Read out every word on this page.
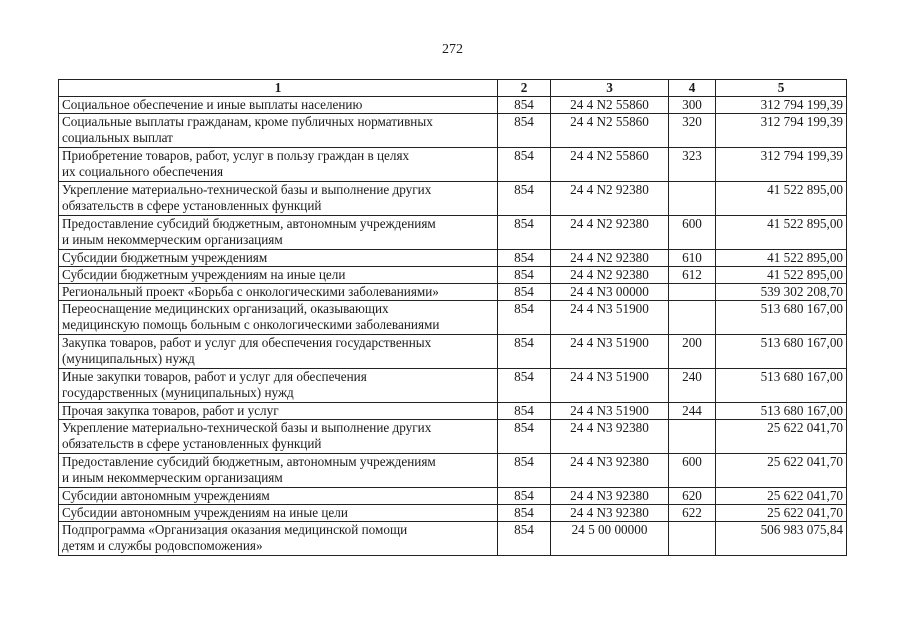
272
1	2	3	4	5
Социальное обеспечение и иные выплаты населению	854	24 4 N2 55860	300	312 794 199,39
Социальные выплаты гражданам, кроме публичных нормативных
социальных выплат	854	24 4 N2 55860	320	312 794 199,39
Приобретение товаров, работ, услуг в пользу граждан в целях
их социального обеспечения	854	24 4 N2 55860	323	312 794 199,39
Укрепление материально-технической базы и выполнение других
обязательств в сфере установленных функций	854	24 4 N2 92380		41 522 895,00
Предоставление субсидий бюджетным, автономным учреждениям
и иным некоммерческим организациям	854	24 4 N2 92380	600	41 522 895,00
Субсидии бюджетным учреждениям	854	24 4 N2 92380	610	41 522 895,00
Субсидии бюджетным учреждениям на иные цели	854	24 4 N2 92380	612	41 522 895,00
Региональный проект «Борьба с онкологическими заболеваниями»	854	24 4 N3 00000		539 302 208,70
Переоснащение медицинских организаций, оказывающих
медицинскую помощь больным с онкологическими заболеваниями	854	24 4 N3 51900		513 680 167,00
Закупка товаров, работ и услуг для обеспечения государственных
(муниципальных) нужд	854	24 4 N3 51900	200	513 680 167,00
Иные закупки товаров, работ и услуг для обеспечения
государственных (муниципальных) нужд	854	24 4 N3 51900	240	513 680 167,00
Прочая закупка товаров, работ и услуг	854	24 4 N3 51900	244	513 680 167,00
Укрепление материально-технической базы и выполнение других
обязательств в сфере установленных функций	854	24 4 N3 92380		25 622 041,70
Предоставление субсидий бюджетным, автономным учреждениям
и иным некоммерческим организациям	854	24 4 N3 92380	600	25 622 041,70
Субсидии автономным учреждениям	854	24 4 N3 92380	620	25 622 041,70
Субсидии автономным учреждениям на иные цели	854	24 4 N3 92380	622	25 622 041,70
Подпрограмма «Организация оказания медицинской помощи
детям и службы родовспоможения»	854	24 5 00 00000		506 983 075,84
